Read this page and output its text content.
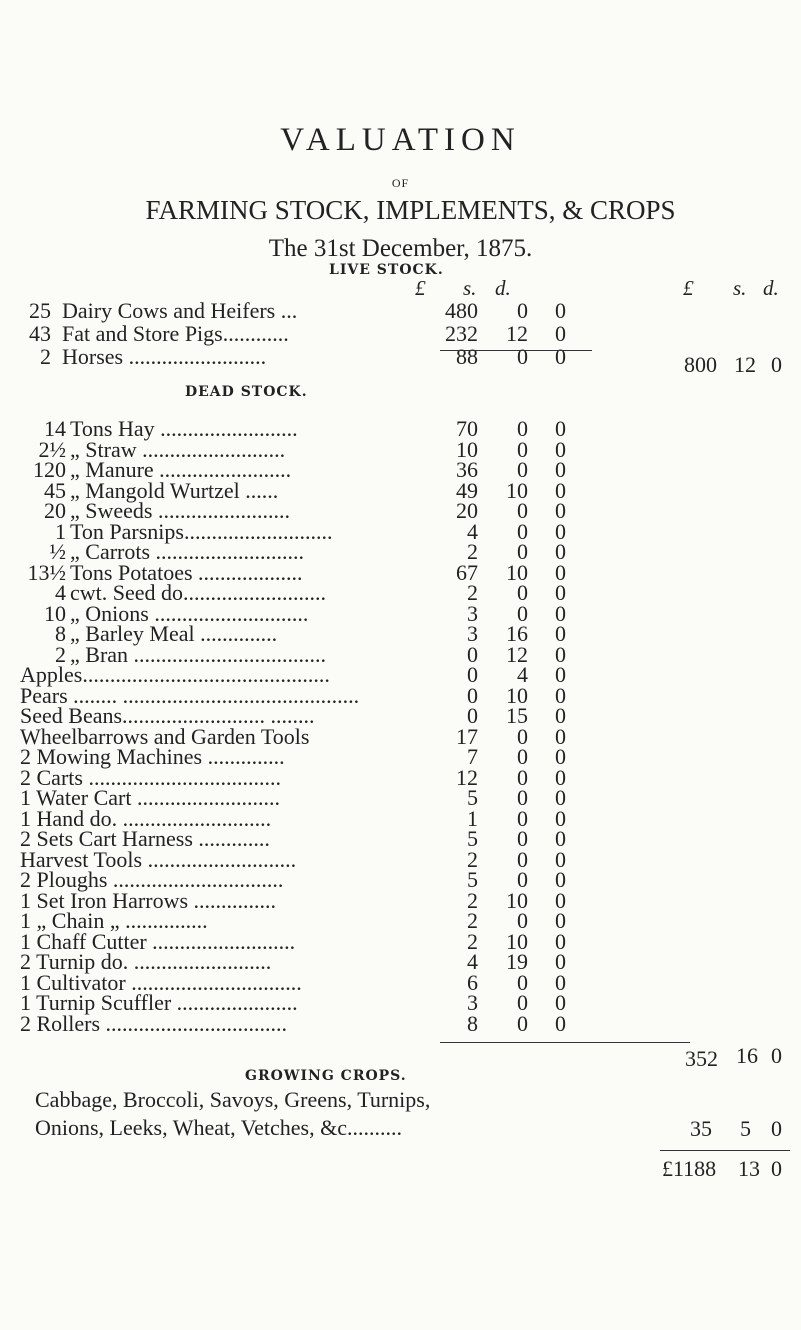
VALUATION
OF
FARMING STOCK, IMPLEMENTS, & CROPS
The 31st December, 1875.
LIVE STOCK.
£ s. d.	£ s. d.
25 Dairy Cows and Heifers ...	480	0	0
43 Fat and Store Pigs............	232	12	0
2 Horses .........................	88	0	0	800 12 0
DEAD STOCK.
14 Tons Hay .........................	70	0	0
2½ „ Straw ..........................	10	0	0
120 „ Manure ........................	36	0	0
45 „ Mangold Wurtzel ......	49	10	0
20 „ Sweeds ........................	20	0	0
1 Ton Parsnips...........................	4	0	0
½ „ Carrots ...........................	2	0	0
13½ Tons Potatoes ...................	67	10	0
4 cwt. Seed do..........................	2	0	0
10 „ Onions ............................	3	0	0
8 „ Barley Meal ..............	3	16	0
2 „ Bran ...................................	0	12	0
Apples.............................................	0	4	0
Pears ........ ...........................................	0	10	0
Seed Beans.......................... ........	0	15	0
Wheelbarrows and Garden Tools	17	0	0
2 Mowing Machines ..............	7	0	0
2 Carts ...................................	12	0	0
1 Water Cart ..........................	5	0	0
1 Hand do. ...........................	1	0	0
2 Sets Cart Harness .............	5	0	0
Harvest Tools ...........................	2	0	0
2 Ploughs ...............................	5	0	0
1 Set Iron Harrows ...............	2	10	0
1 „ Chain „ ...............	2	0	0
1 Chaff Cutter ..........................	2	10	0
2 Turnip do. .........................	4	19	0
1 Cultivator ...............................	6	0	0
1 Turnip Scuffler ......................	3	0	0
2 Rollers .................................	8	0	0
352 16 0
GROWING CROPS.
Cabbage, Broccoli, Savoys, Greens, Turnips,
Onions, Leeks, Wheat, Vetches, &c..........	35 5 0
£1188 13 0
